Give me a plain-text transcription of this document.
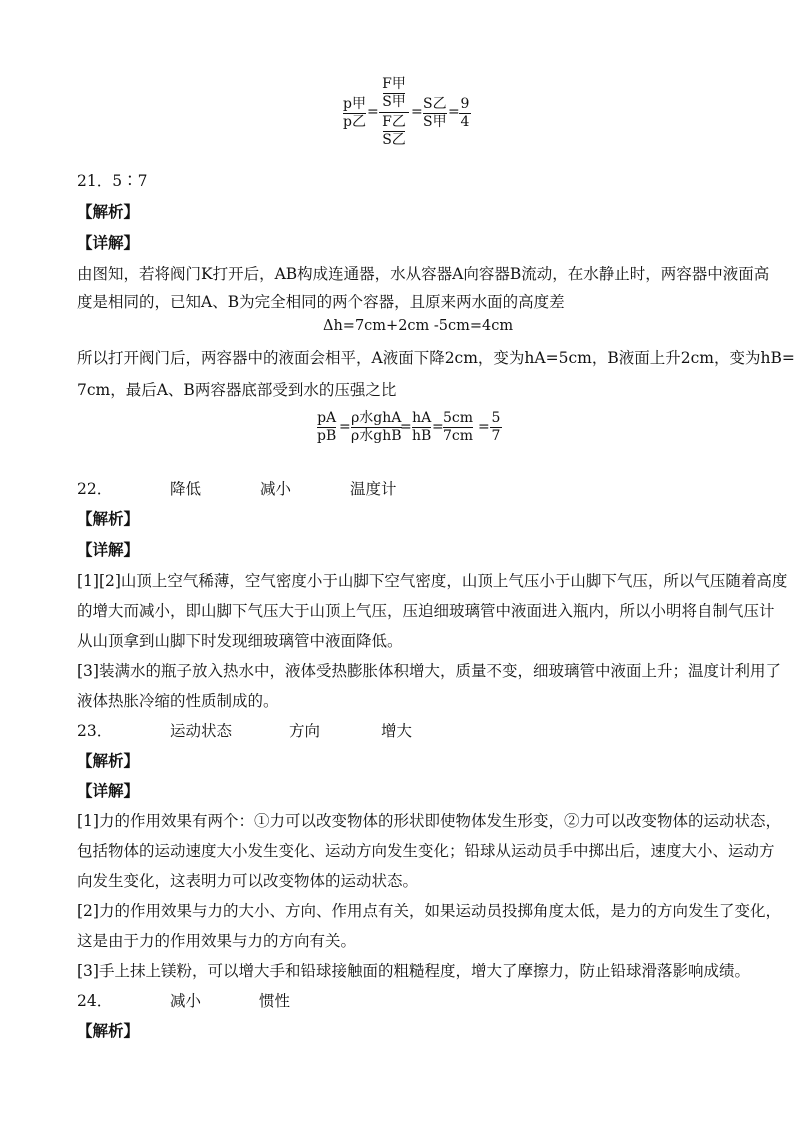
p甲
p乙
=
F甲
S甲
F乙
S乙
= S乙
S甲
= 9
4
21．5∶7
【解析】
【详解】
由图知，若将阀门K打开后，AB构成连通器，水从容器A向容器B流动，在水静止时，两容器中液面高
度是相同的，已知A、B为完全相同的两个容器，且原来两水面的高度差
Δh=7cm+2cm -5cm=4cm
所以打开阀门后，两容器中的液面会相平，A液面下降2cm，变为hA=5cm，B液面上升2cm，变为hB=
7cm，最后A、B两容器底部受到水的压强之比
pA
pB
=
ρ水ghA
ρ水ghB
=
hA
hB
=
5cm
7cm
=
5
7
22．	降低	减小	温度计
【解析】
【详解】
[1][2]山顶上空气稀薄，空气密度小于山脚下空气密度，山顶上气压小于山脚下气压，所以气压随着高度
的增大而减小，即山脚下气压大于山顶上气压，压迫细玻璃管中液面进入瓶内，所以小明将自制气压计
从山顶拿到山脚下时发现细玻璃管中液面降低。
[3]装满水的瓶子放入热水中，液体受热膨胀体积增大，质量不变，细玻璃管中液面上升；温度计利用了
液体热胀冷缩的性质制成的。
23．	运动状态	方向	增大
【解析】
【详解】
[1]力的作用效果有两个：①力可以改变物体的形状即使物体发生形变，②力可以改变物体的运动状态，
包括物体的运动速度大小发生变化、运动方向发生变化；铅球从运动员手中掷出后，速度大小、运动方
向发生变化，这表明力可以改变物体的运动状态。
[2]力的作用效果与力的大小、方向、作用点有关，如果运动员投掷角度太低，是力的方向发生了变化，
这是由于力的作用效果与力的方向有关。
[3]手上抹上镁粉，可以增大手和铅球接触面的粗糙程度，增大了摩擦力，防止铅球滑落影响成绩。
24．	减小	惯性
【解析】
